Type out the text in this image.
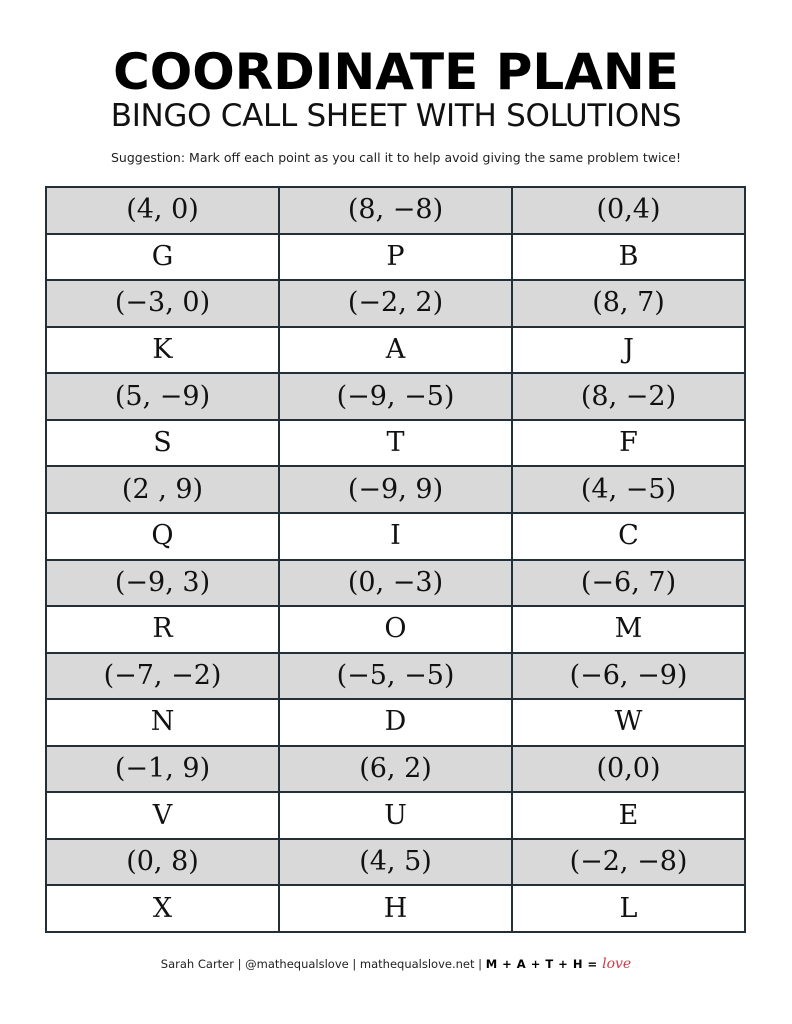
COORDINATE PLANE
BINGO CALL SHEET WITH SOLUTIONS
Suggestion: Mark off each point as you call it to help avoid giving the same problem twice!
(4, 0)	(8, −8)	(0,4)
G	P	B
(−3, 0)	(−2, 2)	(8, 7)
K	A	J
(5, −9)	(−9, −5)	(8, −2)
S	T	F
(2 , 9)	(−9, 9)	(4, −5)
Q	I	C
(−9, 3)	(0, −3)	(−6, 7)
R	O	M
(−7, −2)	(−5, −5)	(−6, −9)
N	D	W
(−1, 9)	(6, 2)	(0,0)
V	U	E
(0, 8)	(4, 5)	(−2, −8)
X	H	L
Sarah Carter | @mathequalslove | mathequalslove.net | M + A + T + H = love
